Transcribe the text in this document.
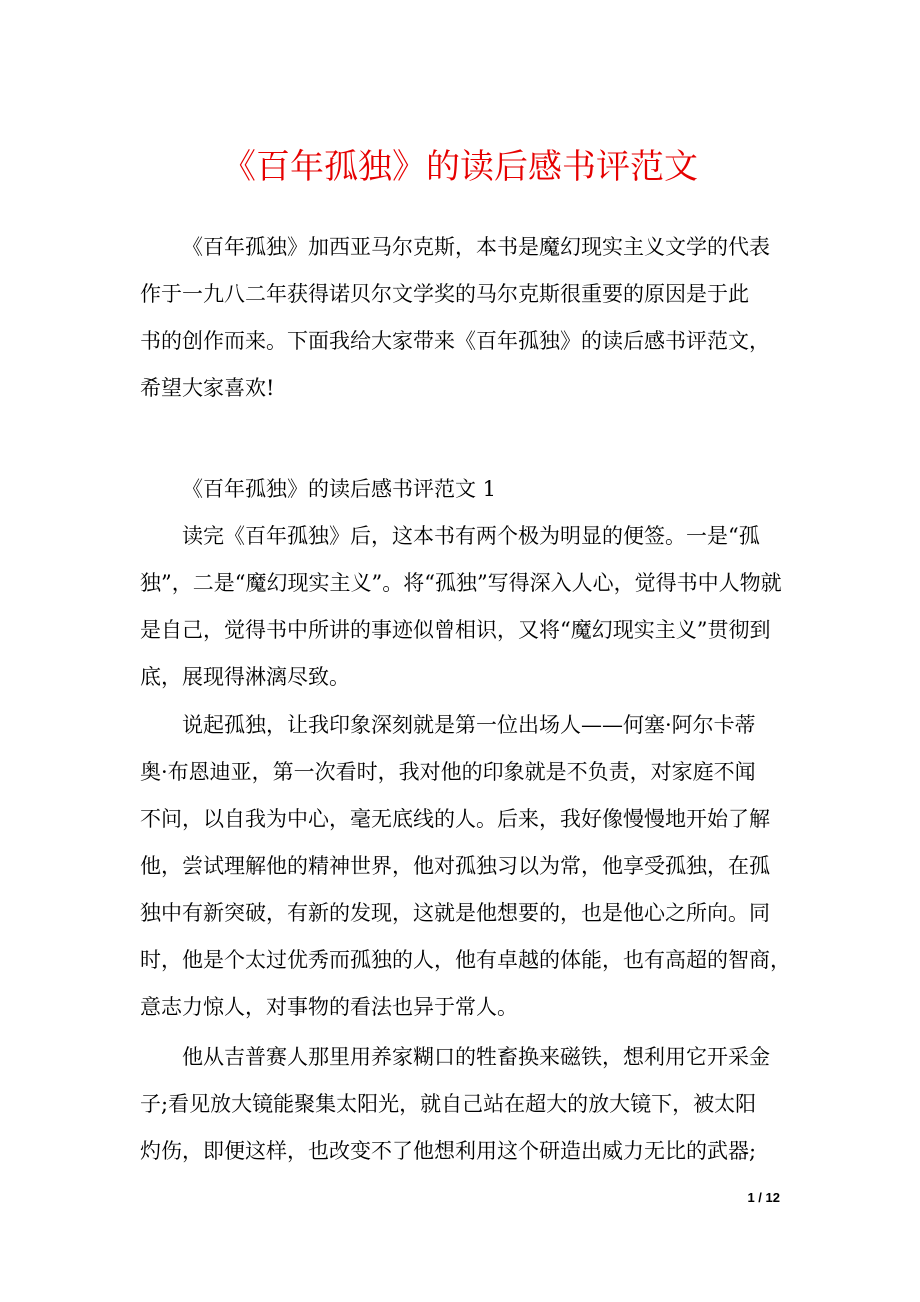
《百年孤独》的读后感书评范文
《百年孤独》加西亚马尔克斯，本书是魔幻现实主义文学的代表
作于一九八二年获得诺贝尔文学奖的马尔克斯很重要的原因是于此
书的创作而来。下面我给大家带来《百年孤独》的读后感书评范文，
希望大家喜欢!
《百年孤独》的读后感书评范文 1
读完《百年孤独》后，这本书有两个极为明显的便签。一是“孤
独”，二是“魔幻现实主义”。将“孤独”写得深入人心，觉得书中人物就
是自己，觉得书中所讲的事迹似曾相识，又将“魔幻现实主义”贯彻到
底，展现得淋漓尽致。
说起孤独，让我印象深刻就是第一位出场人——何塞·阿尔卡蒂
奥·布恩迪亚，第一次看时，我对他的印象就是不负责，对家庭不闻
不问，以自我为中心，毫无底线的人。后来，我好像慢慢地开始了解
他，尝试理解他的精神世界，他对孤独习以为常，他享受孤独，在孤
独中有新突破，有新的发现，这就是他想要的，也是他心之所向。同
时，他是个太过优秀而孤独的人，他有卓越的体能，也有高超的智商，
意志力惊人，对事物的看法也异于常人。
他从吉普赛人那里用养家糊口的牲畜换来磁铁，想利用它开采金
子;看见放大镜能聚集太阳光，就自己站在超大的放大镜下，被太阳
灼伤，即便这样，也改变不了他想利用这个研造出威力无比的武器;
1 / 12
